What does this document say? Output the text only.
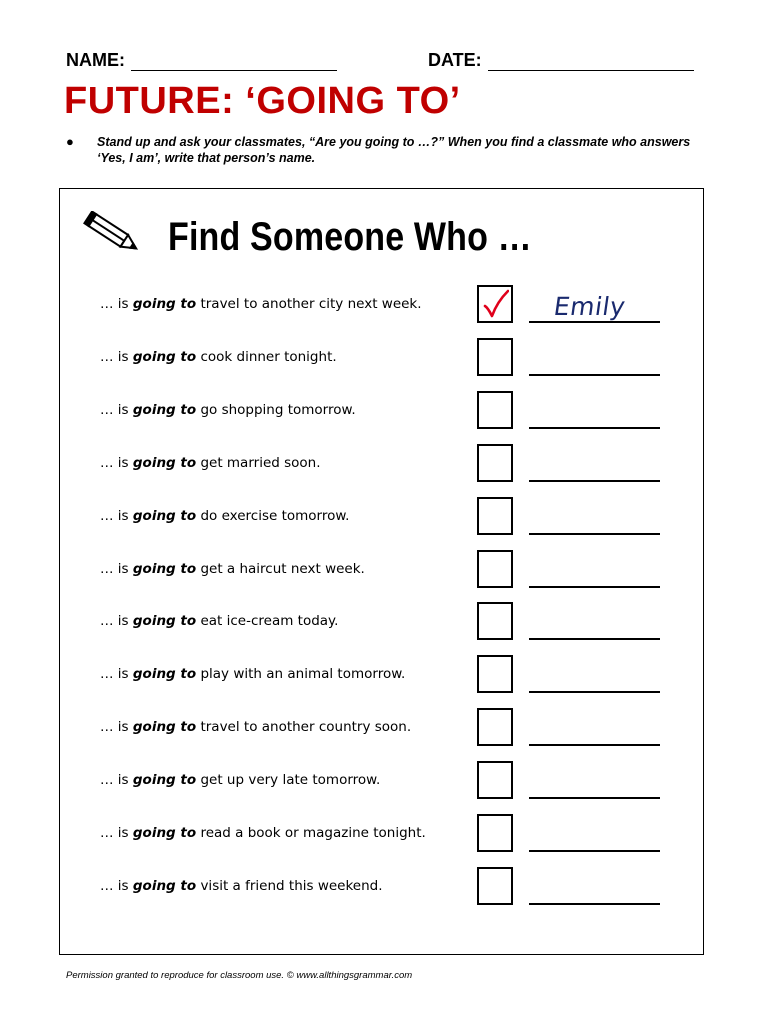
NAME:	DATE:
FUTURE: ‘GOING TO’
● Stand up and ask your classmates, “Are you going to …?” When you find a classmate who answers ‘Yes, I am’, write that person’s name.
Find Someone Who …
… is going to travel to another city next week.	Emily
… is going to cook dinner tonight.
… is going to go shopping tomorrow.
… is going to get married soon.
… is going to do exercise tomorrow.
… is going to get a haircut next week.
… is going to eat ice-cream today.
… is going to play with an animal tomorrow.
… is going to travel to another country soon.
… is going to get up very late tomorrow.
… is going to read a book or magazine tonight.
… is going to visit a friend this weekend.
Permission granted to reproduce for classroom use. © www.allthingsgrammar.com
